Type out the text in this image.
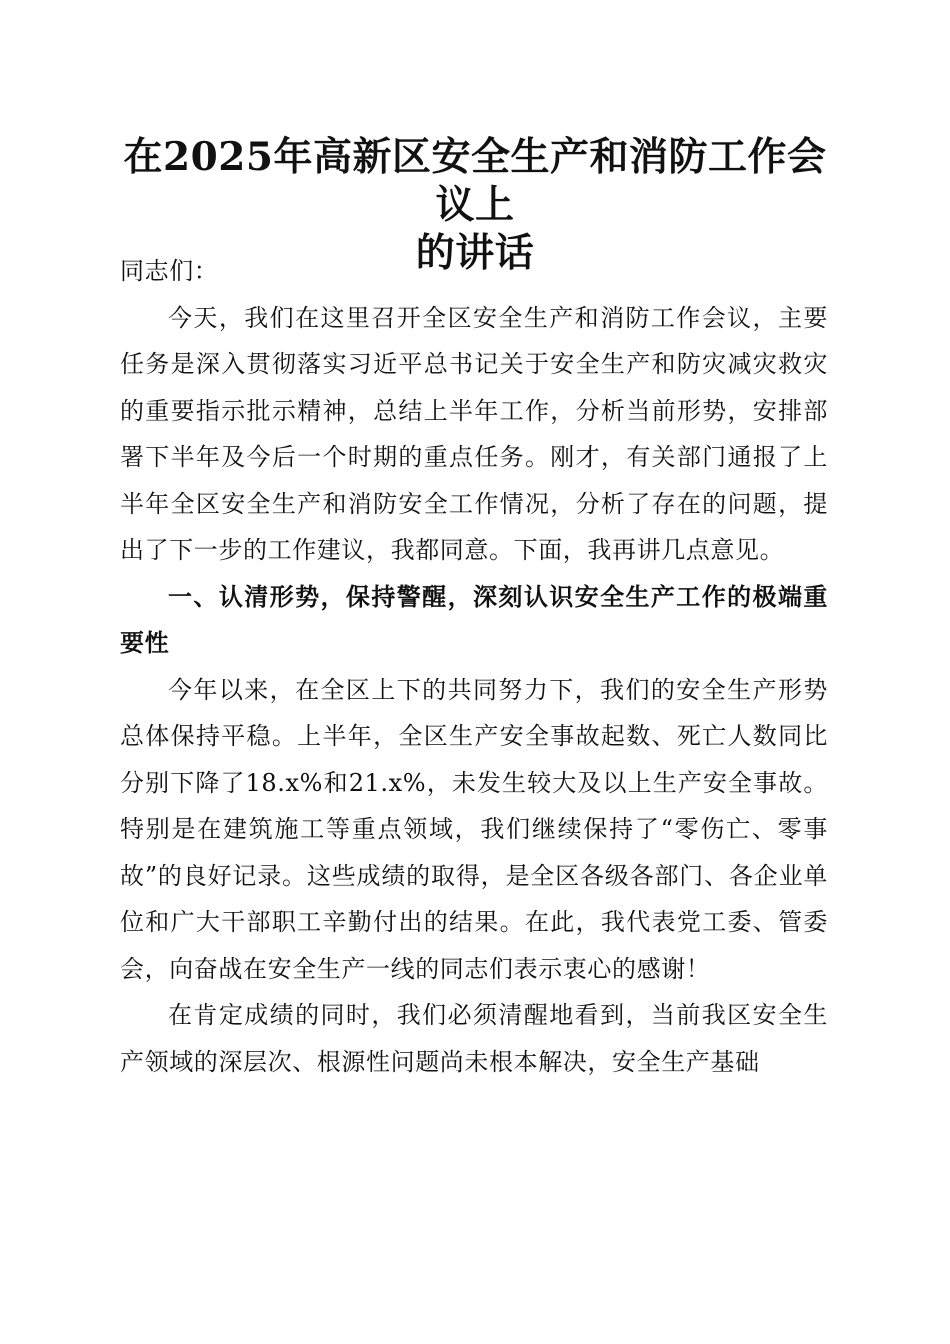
在2025年高新区安全生产和消防工作会议上
的讲话

同志们：

今天，我们在这里召开全区安全生产和消防工作会议，主要任务是深入贯彻落实习近平总书记关于安全生产和防灾减灾救灾的重要指示批示精神，总结上半年工作，分析当前形势，安排部署下半年及今后一个时期的重点任务。刚才，有关部门通报了上半年全区安全生产和消防安全工作情况，分析了存在的问题，提出了下一步的工作建议，我都同意。下面，我再讲几点意见。

一、认清形势，保持警醒，深刻认识安全生产工作的极端重要性

今年以来，在全区上下的共同努力下，我们的安全生产形势总体保持平稳。上半年，全区生产安全事故起数、死亡人数同比分别下降了18.x%和21.x%，未发生较大及以上生产安全事故。特别是在建筑施工等重点领域，我们继续保持了“零伤亡、零事故”的良好记录。这些成绩的取得，是全区各级各部门、各企业单位和广大干部职工辛勤付出的结果。在此，我代表党工委、管委会，向奋战在安全生产一线的同志们表示衷心的感谢！

在肯定成绩的同时，我们必须清醒地看到，当前我区安全生产领域的深层次、根源性问题尚未根本解决，安全生产基础
